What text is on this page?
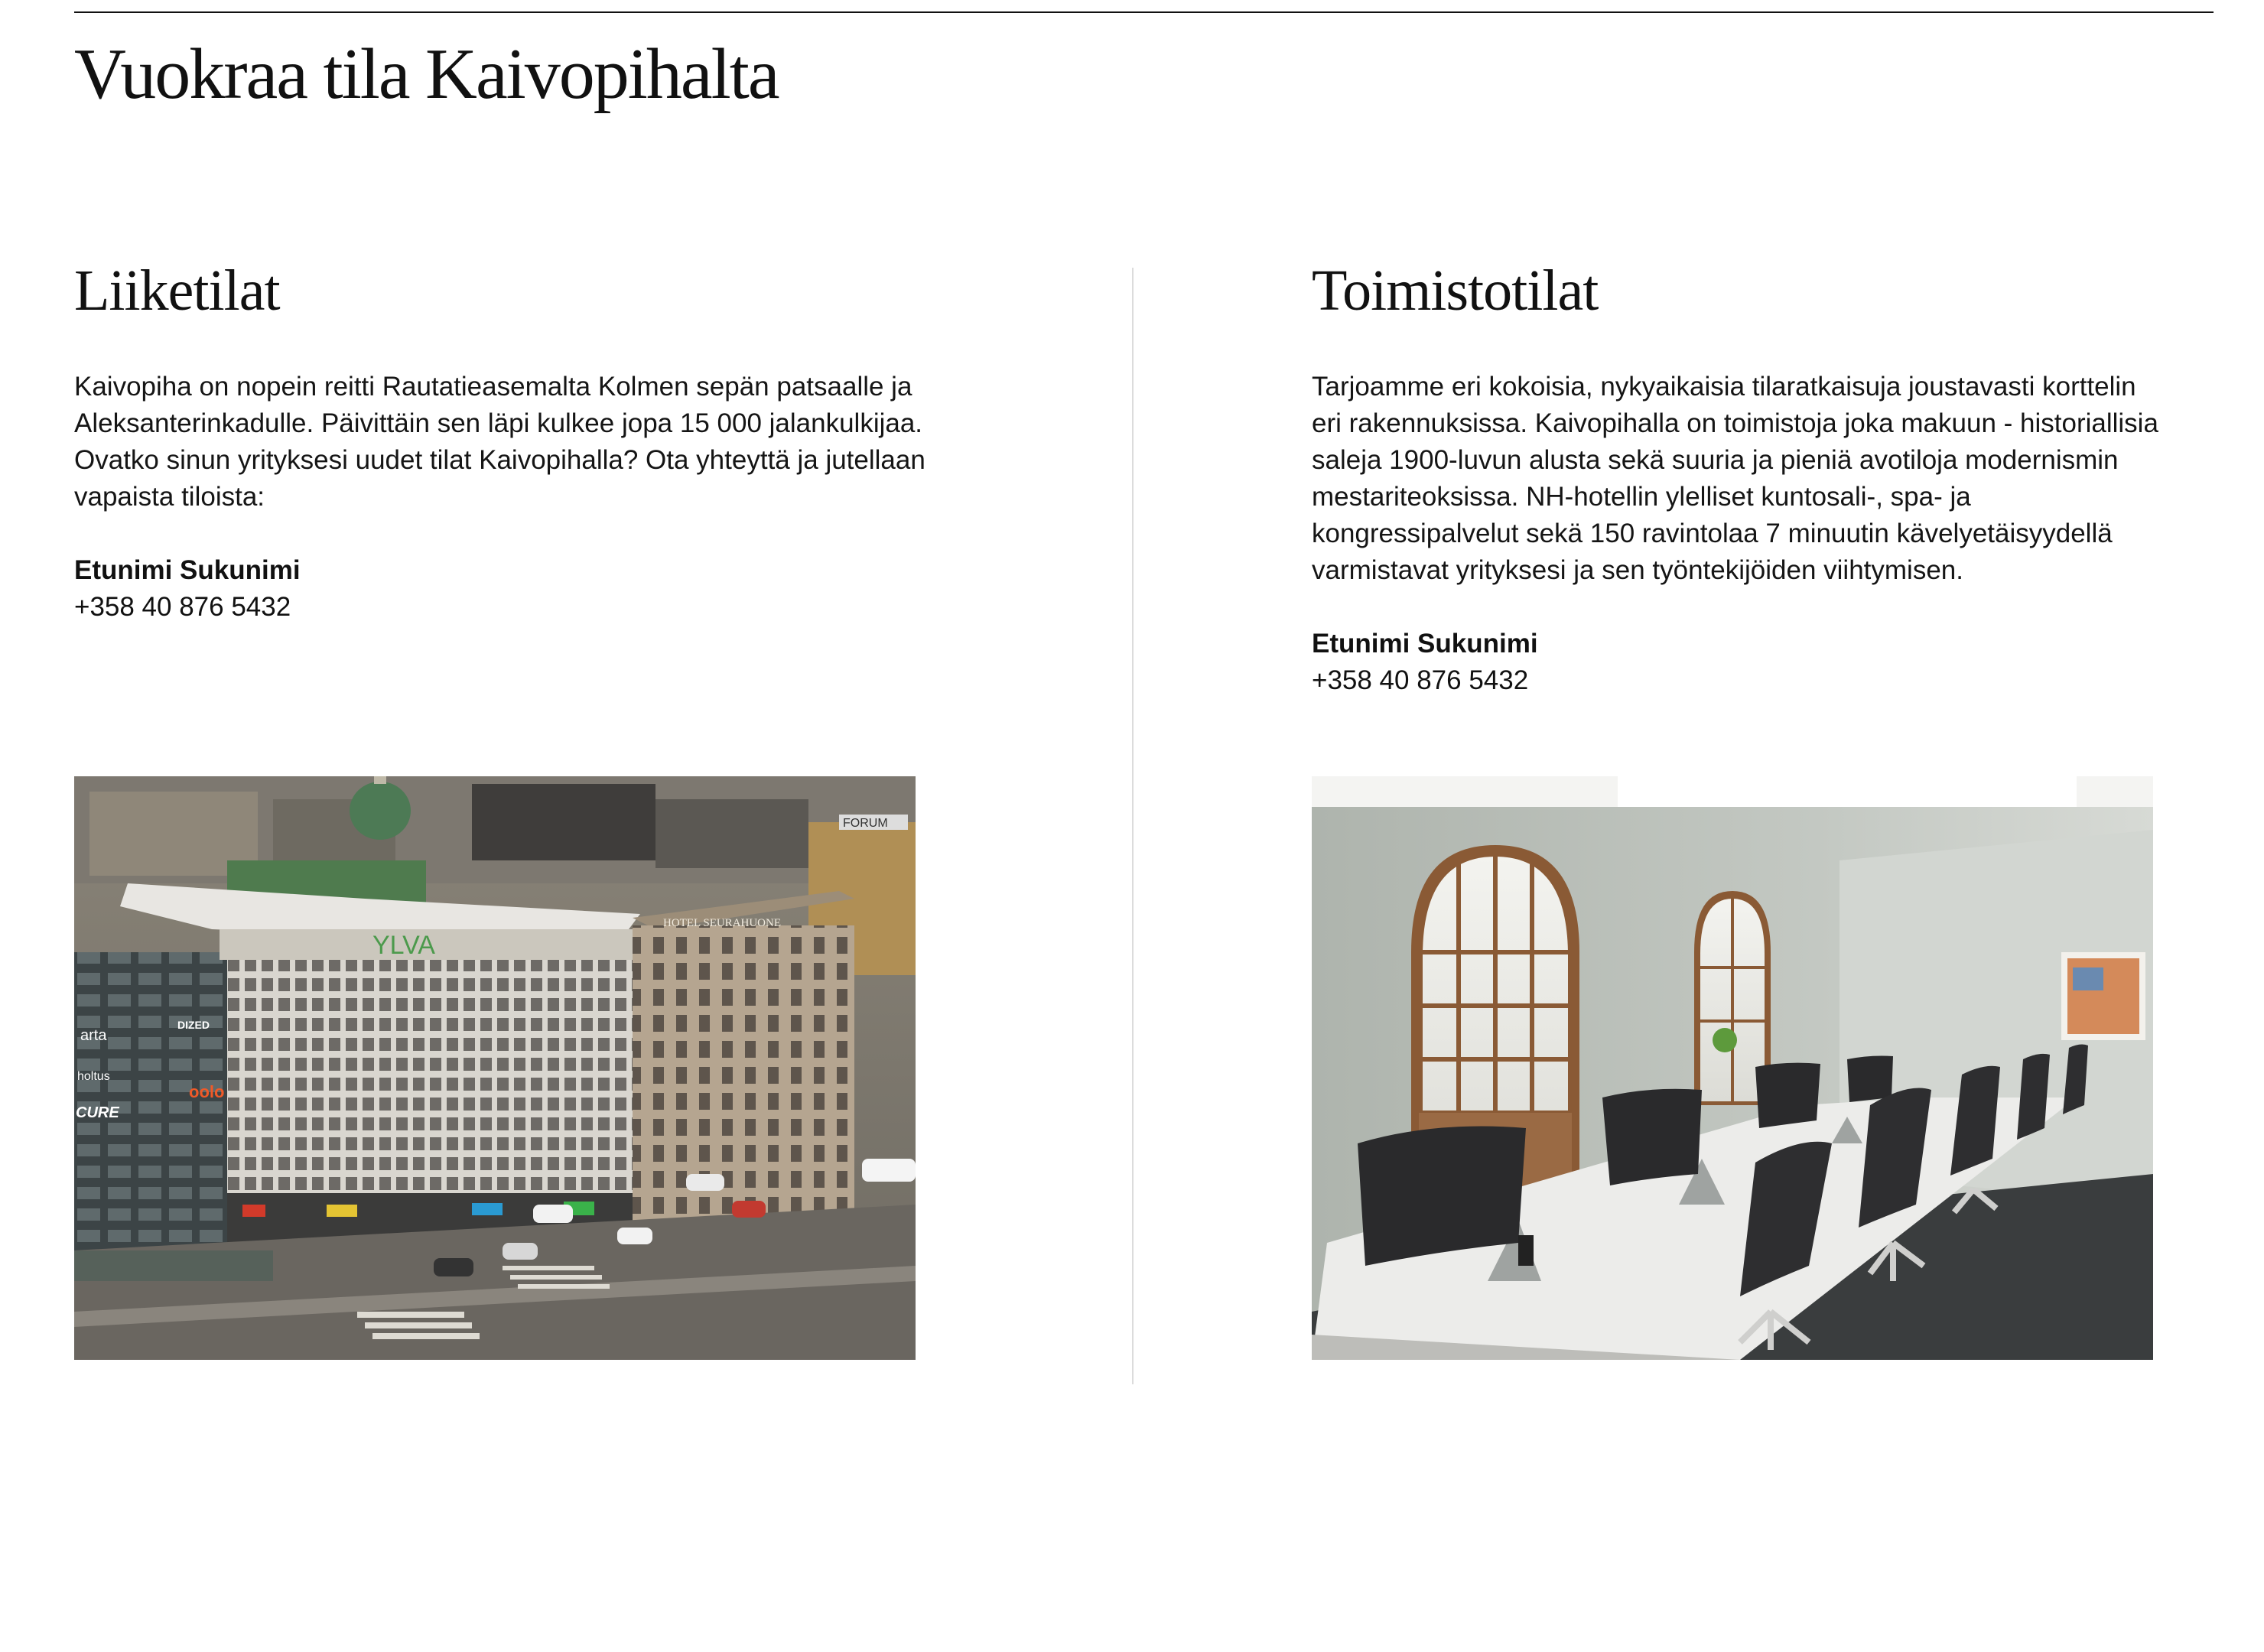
Vuokraa tila Kaivopihalta
Liiketilat

Kaivopiha on nopein reitti Rautatieasemalta Kolmen sepän patsaalle ja Aleksanterinkadulle. Päivittäin sen läpi kulkee jopa 15 000 jalankulkijaa. Ovatko sinun yrityksesi uudet tilat Kaivopihalla? Ota yhteyttä ja jutellaan vapaista tiloista:

Etunimi Sukunimi
+358 40 876 5432
FORUM
arta
holtus
CURE
oolo
DIZED
YLVA
HOTEL SEURAHUONE
Toimistotilat

Tarjoamme eri kokoisia, nykyaikaisia tilaratkaisuja joustavasti korttelin eri rakennuksissa. Kaivopihalla on toimistoja joka makuun - historiallisia saleja 1900-luvun alusta sekä suuria ja pieniä avotiloja modernismin mestariteoksissa. NH-hotellin ylelliset kuntosali-, spa- ja kongressipalvelut sekä 150 ravintolaa 7 minuutin kävelyetäisyydellä varmistavat yrityksesi ja sen työntekijöiden viihtymisen.

Etunimi Sukunimi
+358 40 876 5432
